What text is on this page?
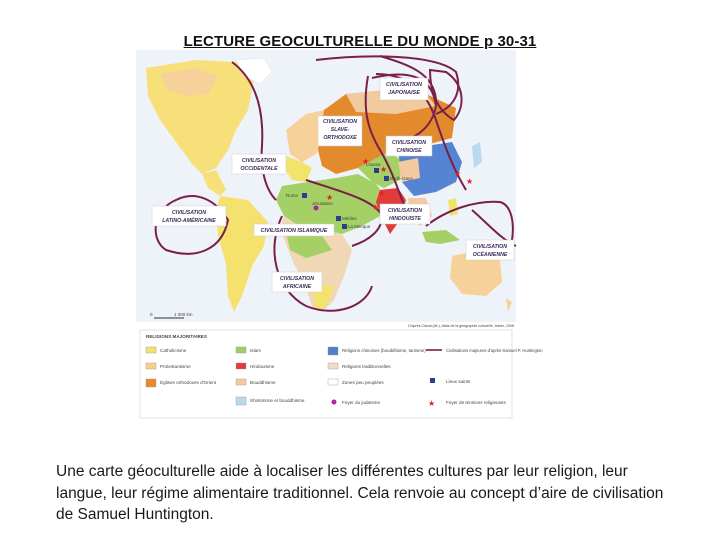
LECTURE GEOCULTURELLE DU MONDE p 30-31
CIVILISATION
JAPONAISE
CIVILISATION
SLAVE-
ORTHODOXE
CIVILISATION
CHINOISE
CIVILISATION
OCCIDENTALE
CIVILISATION
LATINO-AMÉRICAINE
CIVILISATION ISLAMIQUE
CIVILISATION
HINDOUISTE
CIVILISATION
AFRICAINE
CIVILISATION
OCÉANIENNE
Rome
Jérusalem
Médine
La Mecque
Lhassa
Bodh-Gaya
★
★
★
★
★
★
★
0	1 000 km
D'après Claval (dir.), Atlas de la géographie culturelle, Hatier, 2008
RELIGIONS MAJORITAIRES
Catholicisme
Protestantisme
Églises orthodoxes d'Orient
Islam
Hindouisme
Bouddhisme
Shintoïsme et bouddhisme
Religions chinoises (bouddhisme, taoïsme)
Religions traditionnelles
Zones peu peuplées
Civilisations majeures d'après Samuel P. Huntington
Lieux saints
Foyer du judaïsme	★ Foyer de tensions religieuses
Une carte géoculturelle aide à localiser les différentes cultures par leur religion, leur langue, leur régime alimentaire traditionnel. Cela renvoie au concept d’aire de civilisation de Samuel Huntington.
